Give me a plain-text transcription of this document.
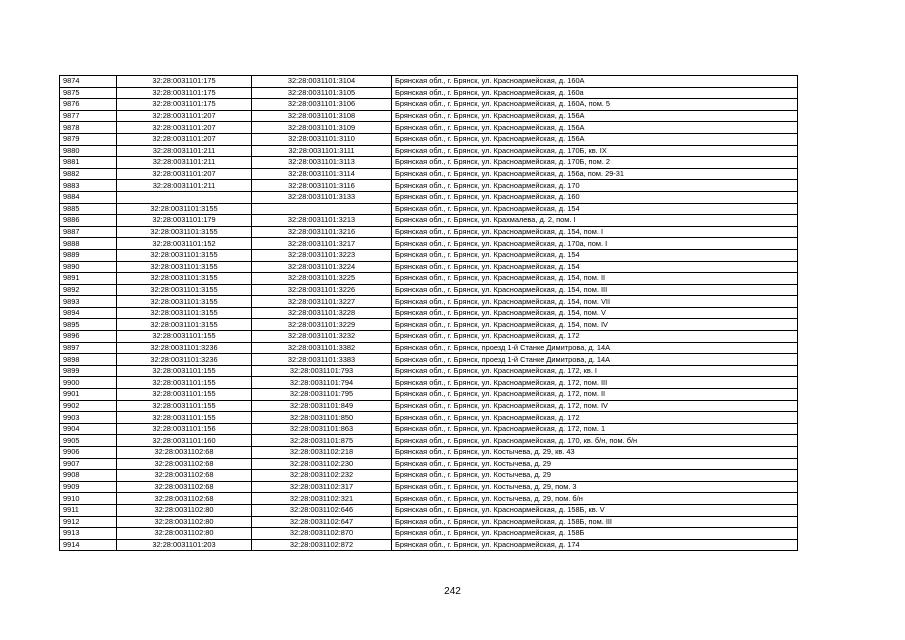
9874	32:28:0031101:175	32:28:0031101:3104	Брянская обл., г. Брянск, ул. Красноармейская, д. 160А
9875	32:28:0031101:175	32:28:0031101:3105	Брянская обл., г. Брянск, ул. Красноармейская, д. 160а
9876	32:28:0031101:175	32:28:0031101:3106	Брянская обл., г. Брянск, ул. Красноармейская, д. 160А, пом. 5
9877	32:28:0031101:207	32:28:0031101:3108	Брянская обл., г. Брянск, ул. Красноармейская, д. 156А
9878	32:28:0031101:207	32:28:0031101:3109	Брянская обл., г. Брянск, ул. Красноармейская, д. 156А
9879	32:28:0031101:207	32:28:0031101:3110	Брянская обл., г. Брянск, ул. Красноармейская, д. 156А
9880	32:28:0031101:211	32:28:0031101:3111	Брянская обл., г. Брянск, ул. Красноармейская, д. 170Б, кв. IX
9881	32:28:0031101:211	32:28:0031101:3113	Брянская обл., г. Брянск, ул. Красноармейская, д. 170Б, пом. 2
9882	32:28:0031101:207	32:28:0031101:3114	Брянская обл., г. Брянск, ул. Красноармейская, д. 156а, пом. 29-31
9883	32:28:0031101:211	32:28:0031101:3116	Брянская обл., г. Брянск, ул. Красноармейская, д. 170
9884		32:28:0031101:3133	Брянская обл., г. Брянск, ул. Красноармейская, д. 160
9885	32:28:0031101:3155		Брянская обл., г. Брянск, ул. Красноармейская, д. 154
9886	32:28:0031101:179	32:28:0031101:3213	Брянская обл., г. Брянск, ул. Крахмалева, д. 2, пом. I
9887	32:28:0031101:3155	32:28:0031101:3216	Брянская обл., г. Брянск, ул. Красноармейская, д. 154, пом. I
9888	32:28:0031101:152	32:28:0031101:3217	Брянская обл., г. Брянск, ул. Красноармейская, д. 170а, пом. I
9889	32:28:0031101:3155	32:28:0031101:3223	Брянская обл., г. Брянск, ул. Красноармейская, д. 154
9890	32:28:0031101:3155	32:28:0031101:3224	Брянская обл., г. Брянск, ул. Красноармейская, д. 154
9891	32:28:0031101:3155	32:28:0031101:3225	Брянская обл., г. Брянск, ул. Красноармейская, д. 154, пом. II
9892	32:28:0031101:3155	32:28:0031101:3226	Брянская обл., г. Брянск, ул. Красноармейская, д. 154, пом. III
9893	32:28:0031101:3155	32:28:0031101:3227	Брянская обл., г. Брянск, ул. Красноармейская, д. 154, пом. VII
9894	32:28:0031101:3155	32:28:0031101:3228	Брянская обл., г. Брянск, ул. Красноармейская, д. 154, пом. V
9895	32:28:0031101:3155	32:28:0031101:3229	Брянская обл., г. Брянск, ул. Красноармейская, д. 154, пом. IV
9896	32:28:0031101:155	32:28:0031101:3232	Брянская обл., г. Брянск, ул. Красноармейская, д. 172
9897	32:28:0031101:3236	32:28:0031101:3382	Брянская обл., г. Брянск, проезд 1-й Станке Димитрова, д. 14А
9898	32:28:0031101:3236	32:28:0031101:3383	Брянская обл., г. Брянск, проезд 1-й Станке Димитрова, д. 14А
9899	32:28:0031101:155	32:28:0031101:793	Брянская обл., г. Брянск, ул. Красноармейская, д. 172, кв. I
9900	32:28:0031101:155	32:28:0031101:794	Брянская обл., г. Брянск, ул. Красноармейская, д. 172, пом. III
9901	32:28:0031101:155	32:28:0031101:795	Брянская обл., г. Брянск, ул. Красноармейская, д. 172, пом. II
9902	32:28:0031101:155	32:28:0031101:849	Брянская обл., г. Брянск, ул. Красноармейская, д. 172, пом. IV
9903	32:28:0031101:155	32:28:0031101:850	Брянская обл., г. Брянск, ул. Красноармейская, д. 172
9904	32:28:0031101:156	32:28:0031101:863	Брянская обл., г. Брянск, ул. Красноармейская, д. 172, пом. 1
9905	32:28:0031101:160	32:28:0031101:875	Брянская обл., г. Брянск, ул. Красноармейская, д. 170, кв. б/н, пом. б/н
9906	32:28:0031102:68	32:28:0031102:218	Брянская обл., г. Брянск, ул. Костычева, д. 29, кв. 43
9907	32:28:0031102:68	32:28:0031102:230	Брянская обл., г. Брянск, ул. Костычева, д. 29
9908	32:28:0031102:68	32:28:0031102:232	Брянская обл., г. Брянск, ул. Костычева, д. 29
9909	32:28:0031102:68	32:28:0031102:317	Брянская обл., г. Брянск, ул. Костычева, д. 29, пом. 3
9910	32:28:0031102:68	32:28:0031102:321	Брянская обл., г. Брянск, ул. Костычева, д. 29, пом. б/н
9911	32:28:0031102:80	32:28:0031102:646	Брянская обл., г. Брянск, ул. Красноармейская, д. 158Б, кв. V
9912	32:28:0031102:80	32:28:0031102:647	Брянская обл., г. Брянск, ул. Красноармейская, д. 158Б, пом. III
9913	32:28:0031102:80	32:28:0031102:870	Брянская обл., г. Брянск, ул. Красноармейская, д. 158Б
9914	32:28:0031101:203	32:28:0031102:872	Брянская обл., г. Брянск, ул. Красноармейская, д. 174
242
